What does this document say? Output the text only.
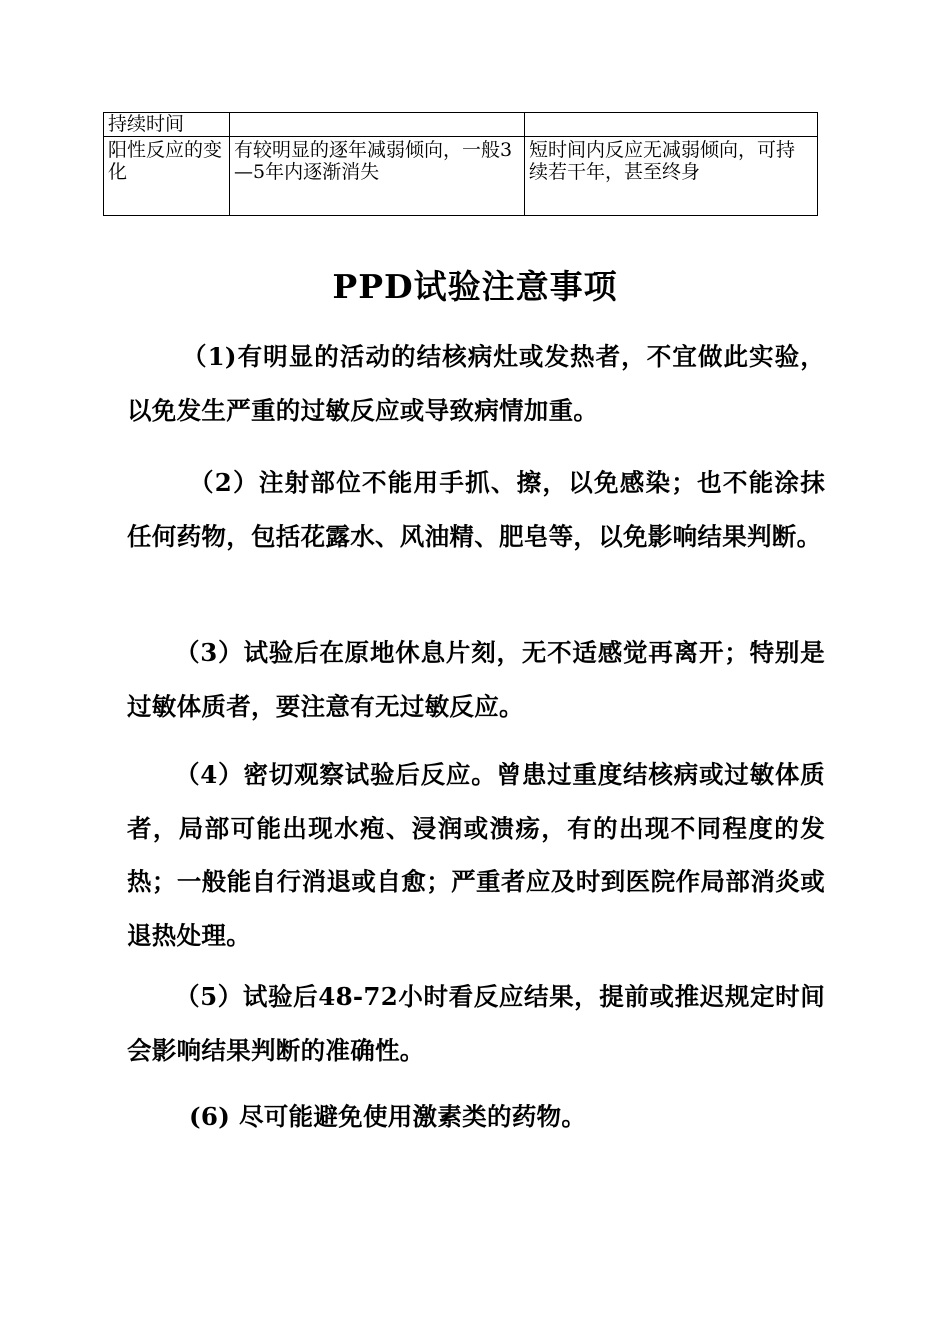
持续时间		
阳性反应的变化	有较明显的逐年减弱倾向，一般3—5年内逐渐消失	短时间内反应无减弱倾向，可持续若干年，甚至终身
PPD试验注意事项

（1)有明显的活动的结核病灶或发热者，不宜做此实验，以免发生严重的过敏反应或导致病情加重。

（2）注射部位不能用手抓、擦，以免感染；也不能涂抹任何药物，包括花露水、风油精、肥皂等，以免影响结果判断。

（3）试验后在原地休息片刻，无不适感觉再离开；特别是过敏体质者，要注意有无过敏反应。

（4）密切观察试验后反应。曾患过重度结核病或过敏体质者，局部可能出现水疱、浸润或溃疡，有的出现不同程度的发热；一般能自行消退或自愈；严重者应及时到医院作局部消炎或退热处理。

（5）试验后48-72小时看反应结果，提前或推迟规定时间会影响结果判断的准确性。

(6) 尽可能避免使用激素类的药物。
